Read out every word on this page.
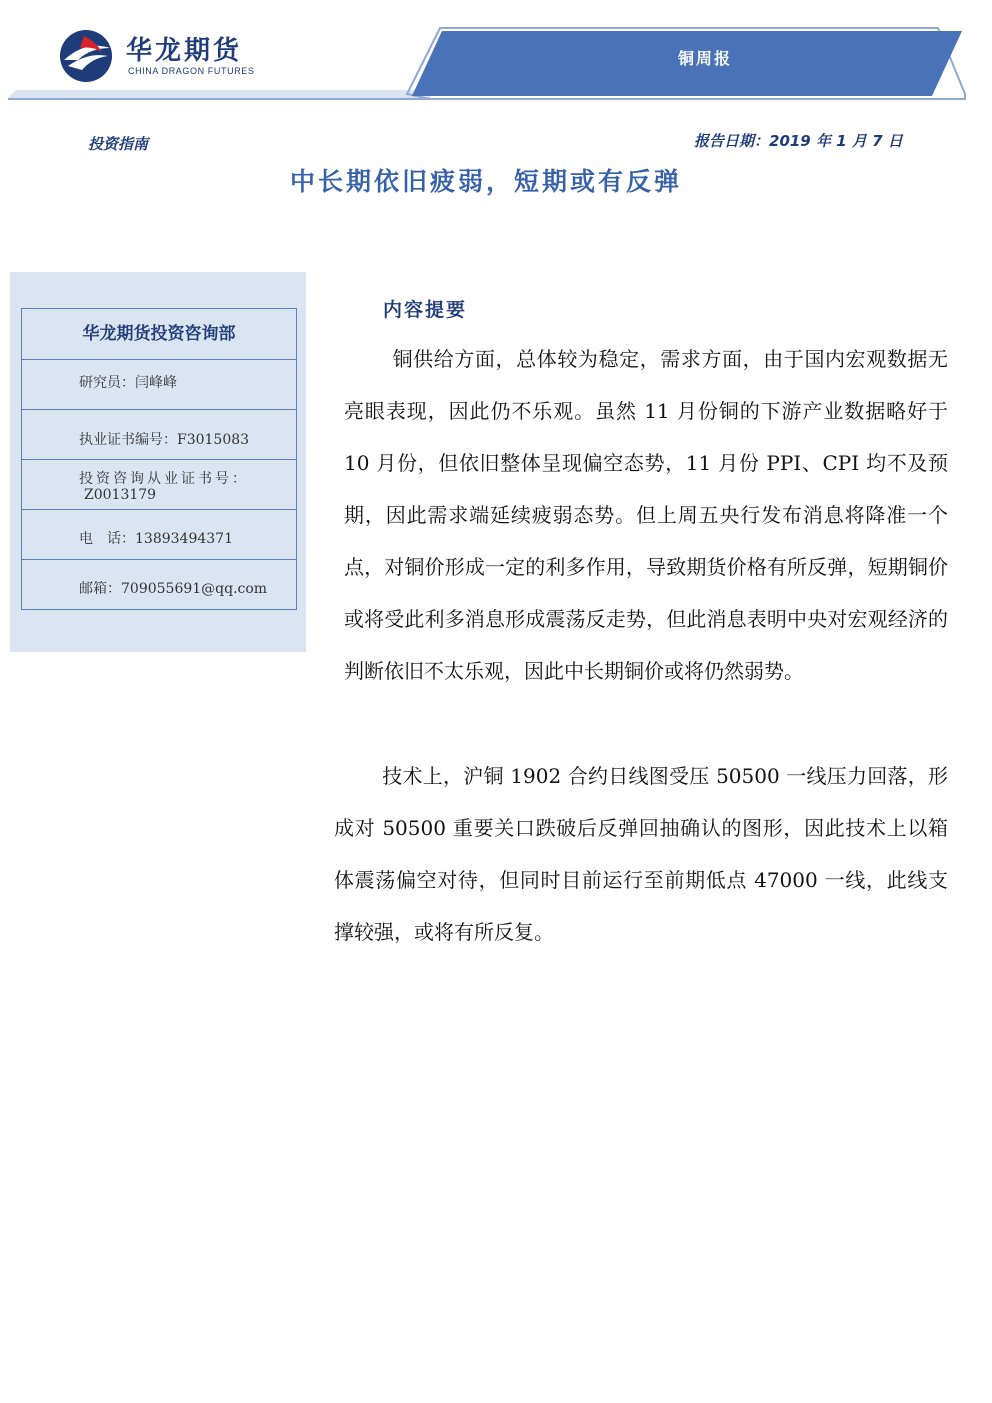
华龙期货
CHINA DRAGON FUTURES
铜周报
投资指南	报告日期：2019 年 1 月 7 日
中长期依旧疲弱，短期或有反弹
华龙期货投资咨询部
研究员：闫峰峰
执业证书编号：F3015083
投资咨询从业证书号：
Z0013179
电　话：13893494371
邮箱：709055691@qq.com
内容提要
铜供给方面，总体较为稳定，需求方面，由于国内宏观数据无亮眼表现，因此仍不乐观。虽然 11 月份铜的下游产业数据略好于 10 月份，但依旧整体呈现偏空态势，11 月份 PPI、CPI 均不及预期，因此需求端延续疲弱态势。但上周五央行发布消息将降准一个点，对铜价形成一定的利多作用，导致期货价格有所反弹，短期铜价或将受此利多消息形成震荡反走势，但此消息表明中央对宏观经济的判断依旧不太乐观，因此中长期铜价或将仍然弱势。
技术上，沪铜 1902 合约日线图受压 50500 一线压力回落，形成对 50500 重要关口跌破后反弹回抽确认的图形，因此技术上以箱体震荡偏空对待，但同时目前运行至前期低点 47000 一线，此线支撑较强，或将有所反复。
